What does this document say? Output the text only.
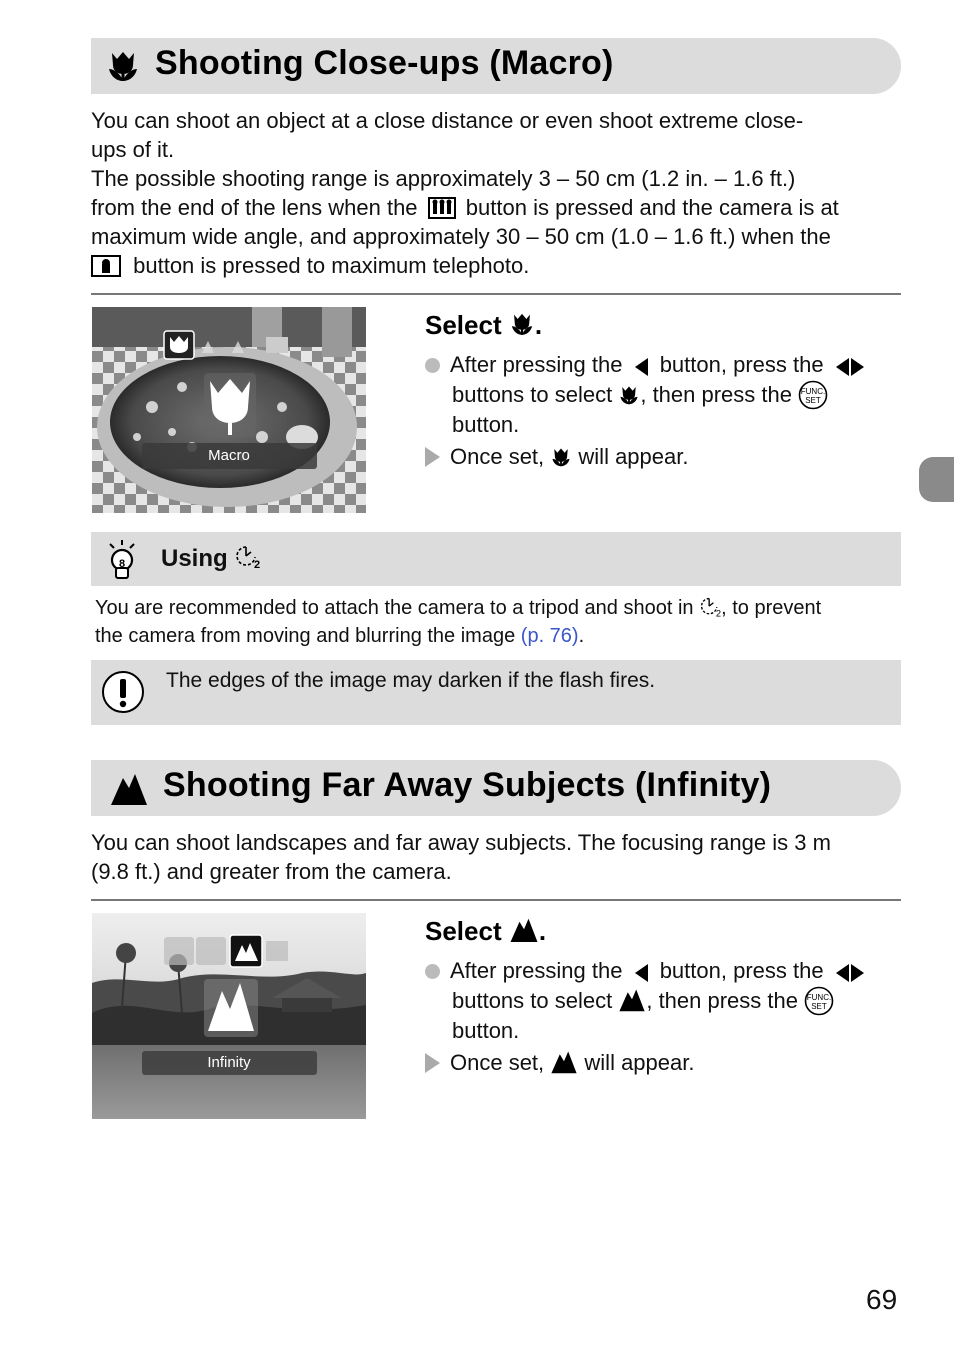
Shooting Close-ups (Macro)
You can shoot an object at a close distance or even shoot extreme close-
ups of it.
The possible shooting range is approximately 3 – 50 cm (1.2 in. – 1.6 ft.)
from the end of the lens when the button is pressed and the camera is at
maximum wide angle, and approximately 30 – 50 cm (1.0 – 1.6 ft.) when the
button is pressed to maximum telephoto.
Macro
Select .
After pressing the button, press the
buttons to select , then press the FUNC.
SET
button.
Once set, will appear.
8 Using 2
You are recommended to attach the camera to a tripod and shoot in 2 , to prevent
the camera from moving and blurring the image (p. 76).
The edges of the image may darken if the flash fires.
Shooting Far Away Subjects (Infinity)
You can shoot landscapes and far away subjects. The focusing range is 3 m
(9.8 ft.) and greater from the camera.
Infinity
Select .
After pressing the button, press the
buttons to select , then press the FUNC.
SET
button.
Once set, will appear.
69
